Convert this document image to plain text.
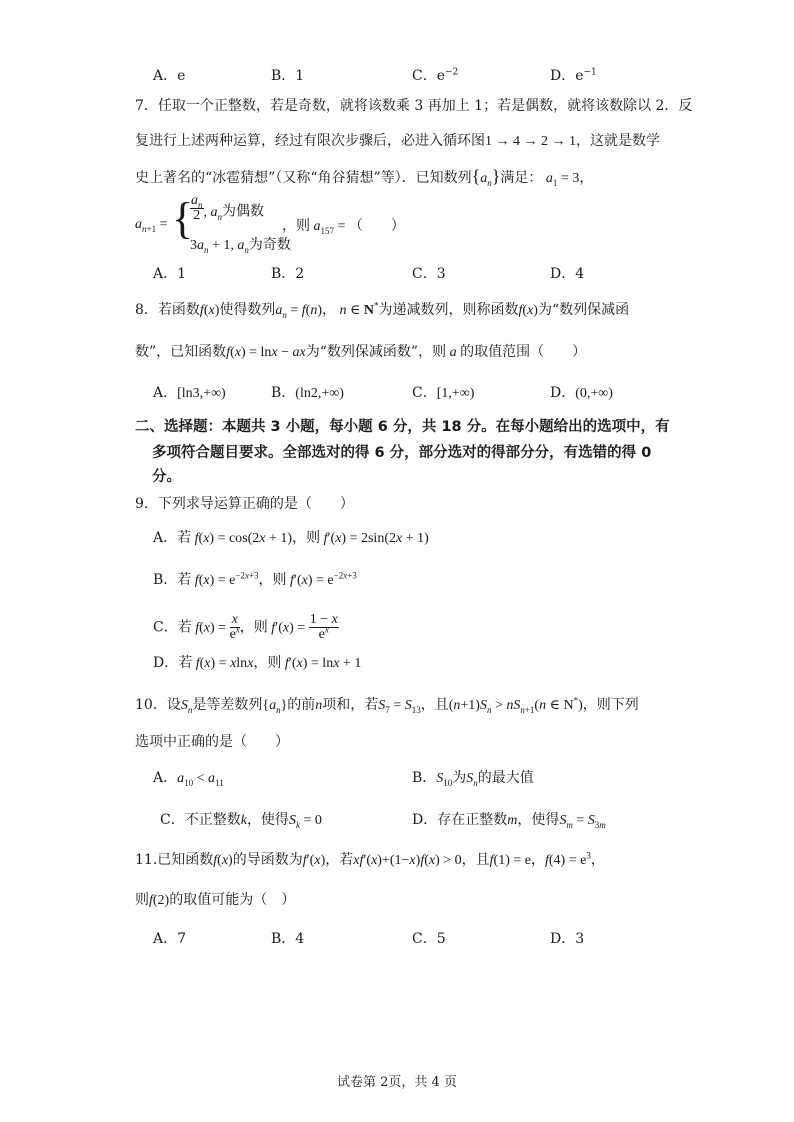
A．e	B．1	C．$e^{-2}$	D．$e^{-1}$
7．任取一个正整数，若是奇数，就将该数乘 3 再加上 1；若是偶数，就将该数除以 2．反
复进行上述两种运算，经过有限次步骤后，必进入循环图1 → 4 → 2 → 1，这就是数学
史上著名的“冰雹猜想”（又称“角谷猜想”等）．已知数列$\{a_n\}$满足： $a_1 = 3$，
$a_{n+1}$ = {
$\frac{a_n}{2}$ , $a_n$为偶数
$3a_n + 1$, $a_n$为奇数
，则 $a_{157}$ = （　　）
A．1	B．2	C．3	D．4
8．若函数f(x)使得数列$a_n = f(n)$， n ∈ N*为递减数列，则称函数f(x)为“数列保减函
数”，已知函数f(x) = lnx − ax为“数列保减函数”，则 a 的取值范围（　　）
A．[ln3,+∞)	B．(ln2,+∞)	C．[1,+∞)	D．(0,+∞)
二、选择题：本题共 3 小题，每小题 6 分，共 18 分。在每小题给出的选项中，有
多项符合题目要求。全部选对的得 6 分，部分选对的得部分分，有选错的得 0
分。
9．下列求导运算正确的是（　　）
A．若 f(x) = cos(2x + 1)，则 f′(x) = 2sin(2x + 1)
B．若 $f(x) = e^{-2x+3}$，则 $f'(x) = e^{-2x+3}$
C．若 $f(x) = \frac{x}{e^x}$ ，则 $f'(x) = \frac{1 - x}{e^x}$
D．若 f(x) = xlnx，则 f′(x) = lnx + 1
10．设$S_n$是等差数列$\{a_n\}$的前n项和，若$S_7 = S_{13}$，且$(n+1)S_n > nS_{n+1}(n$ ∈ N*)，则下列
选项中正确的是（　　）
A．$a_{10} < a_{11}$	B．$S_{10}$为$S_n$的最大值
C．不正整数k，使得$S_k = 0$	D．存在正整数m，使得$S_m = S_{3m}$
11.已知函数f(x)的导函数为f′(x)，若xf′(x)+(1−x)f(x) > 0，且f(1) = e，$f(4) = e^3$，
则f(2)的取值可能为（　）
A．7	B．4	C．5	D．3
试卷第 2页，共 4 页
